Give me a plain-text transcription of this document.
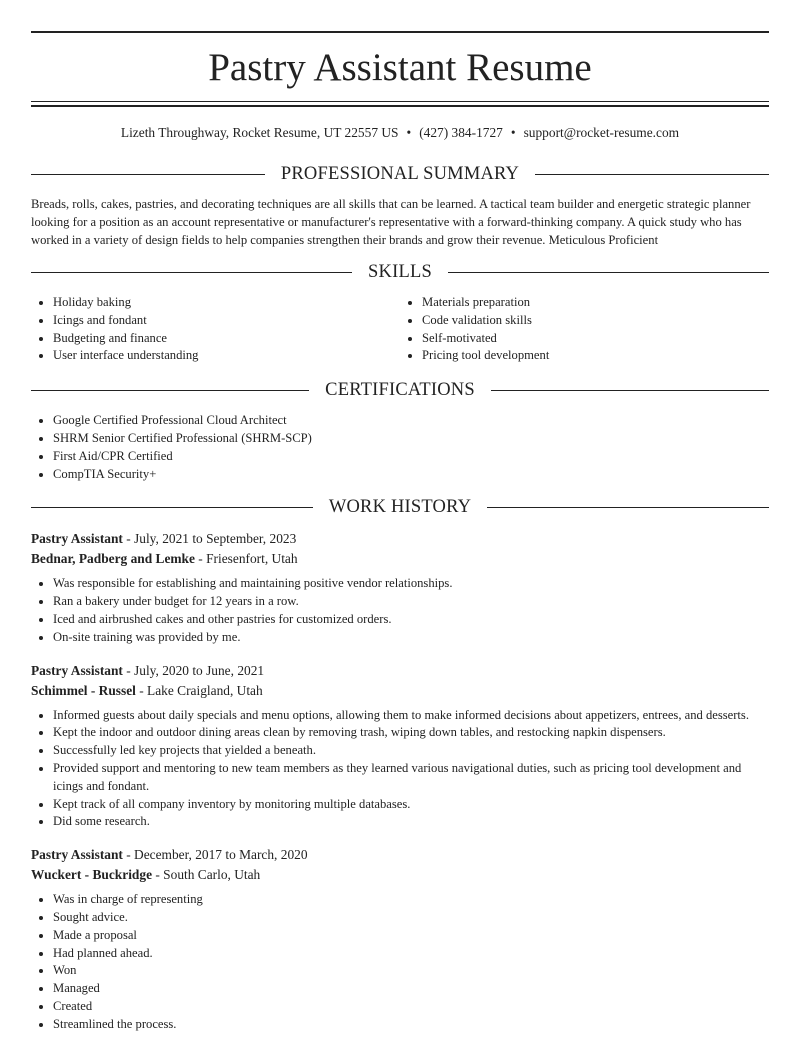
Pastry Assistant Resume
Lizeth Throughway, Rocket Resume, UT 22557 US • (427) 384-1727 • support@rocket-resume.com
PROFESSIONAL SUMMARY
Breads, rolls, cakes, pastries, and decorating techniques are all skills that can be learned. A tactical team builder and energetic strategic planner looking for a position as an account representative or manufacturer's representative with a forward-thinking company. A quick study who has worked in a variety of design fields to help companies strengthen their brands and grow their revenue. Meticulous Proficient
SKILLS
• Holiday baking
• Icings and fondant
• Budgeting and finance
• User interface understanding
• Materials preparation
• Code validation skills
• Self-motivated
• Pricing tool development
CERTIFICATIONS
• Google Certified Professional Cloud Architect
• SHRM Senior Certified Professional (SHRM-SCP)
• First Aid/CPR Certified
• CompTIA Security+
WORK HISTORY
Pastry Assistant - July, 2021 to September, 2023
Bednar, Padberg and Lemke - Friesenfort, Utah
• Was responsible for establishing and maintaining positive vendor relationships.
• Ran a bakery under budget for 12 years in a row.
• Iced and airbrushed cakes and other pastries for customized orders.
• On-site training was provided by me.
Pastry Assistant - July, 2020 to June, 2021
Schimmel - Russel - Lake Craigland, Utah
• Informed guests about daily specials and menu options, allowing them to make informed decisions about appetizers, entrees, and desserts.
• Kept the indoor and outdoor dining areas clean by removing trash, wiping down tables, and restocking napkin dispensers.
• Successfully led key projects that yielded a beneath.
• Provided support and mentoring to new team members as they learned various navigational duties, such as pricing tool development and icings and fondant.
• Kept track of all company inventory by monitoring multiple databases.
• Did some research.
Pastry Assistant - December, 2017 to March, 2020
Wuckert - Buckridge - South Carlo, Utah
• Was in charge of representing
• Sought advice.
• Made a proposal
• Had planned ahead.
• Won
• Managed
• Created
• Streamlined the process.
